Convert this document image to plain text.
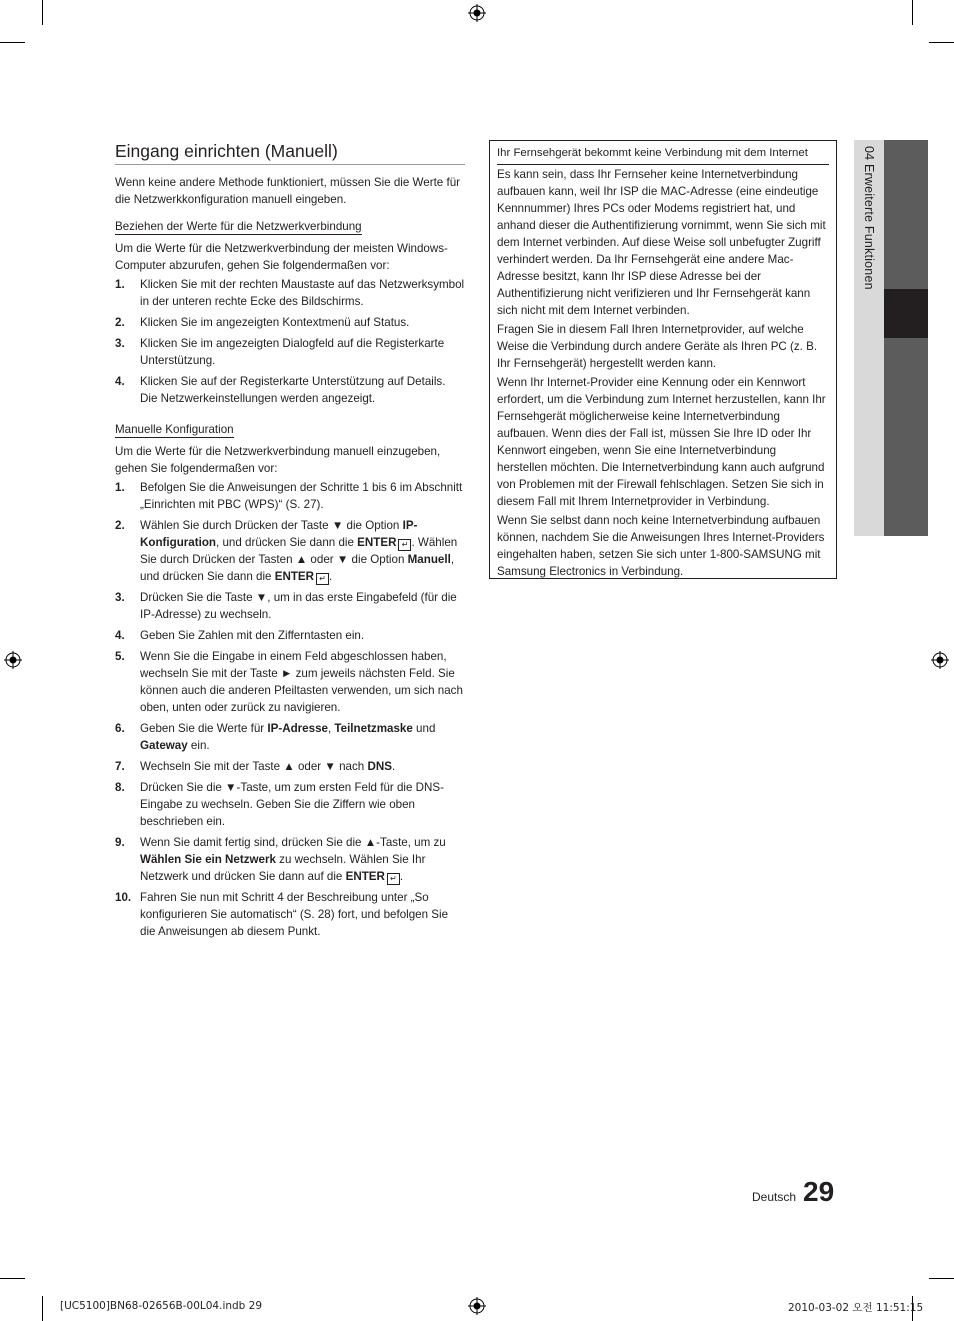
Eingang einrichten (Manuell)
Wenn keine andere Methode funktioniert, müssen Sie die Werte für die Netzwerkkonfiguration manuell eingeben.
Beziehen der Werte für die Netzwerkverbindung
Um die Werte für die Netzwerkverbindung der meisten Windows-Computer abzurufen, gehen Sie folgendermaßen vor:
1.	Klicken Sie mit der rechten Maustaste auf das Netzwerksymbol in der unteren rechte Ecke des Bildschirms.
2.	Klicken Sie im angezeigten Kontextmenü auf Status.
3.	Klicken Sie im angezeigten Dialogfeld auf die Registerkarte Unterstützung.
4.	Klicken Sie auf der Registerkarte Unterstützung auf Details. Die Netzwerkeinstellungen werden angezeigt.
Manuelle Konfiguration
Um die Werte für die Netzwerkverbindung manuell einzugeben, gehen Sie folgendermaßen vor:
1.	Befolgen Sie die Anweisungen der Schritte 1 bis 6 im Abschnitt „Einrichten mit PBC (WPS)“ (S. 27).
2.	Wählen Sie durch Drücken der Taste ▼ die Option IP-Konfiguration, und drücken Sie dann die ENTER ↵ . Wählen Sie durch Drücken der Tasten ▲ oder ▼ die Option Manuell, und drücken Sie dann die ENTER ↵ .
3.	Drücken Sie die Taste ▼, um in das erste Eingabefeld (für die IP-Adresse) zu wechseln.
4.	Geben Sie Zahlen mit den Zifferntasten ein.
5.	Wenn Sie die Eingabe in einem Feld abgeschlossen haben, wechseln Sie mit der Taste ► zum jeweils nächsten Feld. Sie können auch die anderen Pfeiltasten verwenden, um sich nach oben, unten oder zurück zu navigieren.
6.	Geben Sie die Werte für IP-Adresse, Teilnetzmaske und Gateway ein.
7.	Wechseln Sie mit der Taste ▲ oder ▼ nach DNS.
8.	Drücken Sie die ▼-Taste, um zum ersten Feld für die DNS-Eingabe zu wechseln. Geben Sie die Ziffern wie oben beschrieben ein.
9.	Wenn Sie damit fertig sind, drücken Sie die ▲-Taste, um zu Wählen Sie ein Netzwerk zu wechseln. Wählen Sie Ihr Netzwerk und drücken Sie dann auf die ENTER ↵ .
10. Fahren Sie nun mit Schritt 4 der Beschreibung unter „So konfigurieren Sie automatisch“ (S. 28) fort, und befolgen Sie die Anweisungen ab diesem Punkt.
Ihr Fernsehgerät bekommt keine Verbindung mit dem Internet

Es kann sein, dass Ihr Fernseher keine Internetverbindung aufbauen kann, weil Ihr ISP die MAC-Adresse (eine eindeutige Kennnummer) Ihres PCs oder Modems registriert hat, und anhand dieser die Authentifizierung vornimmt, wenn Sie sich mit dem Internet verbinden. Auf diese Weise soll unbefugter Zugriff verhindert werden. Da Ihr Fernsehgerät eine andere Mac-Adresse besitzt, kann Ihr ISP diese Adresse bei der Authentifizierung nicht verifizieren und Ihr Fernsehgerät kann sich nicht mit dem Internet verbinden.

Fragen Sie in diesem Fall Ihren Internetprovider, auf welche Weise die Verbindung durch andere Geräte als Ihren PC (z. B. Ihr Fernsehgerät) hergestellt werden kann.

Wenn Ihr Internet-Provider eine Kennung oder ein Kennwort erfordert, um die Verbindung zum Internet herzustellen, kann Ihr Fernsehgerät möglicherweise keine Internetverbindung aufbauen. Wenn dies der Fall ist, müssen Sie Ihre ID oder Ihr Kennwort eingeben, wenn Sie eine Internetverbindung herstellen möchten. Die Internetverbindung kann auch aufgrund von Problemen mit der Firewall fehlschlagen. Setzen Sie sich in diesem Fall mit Ihrem Internetprovider in Verbindung.

Wenn Sie selbst dann noch keine Internetverbindung aufbauen können, nachdem Sie die Anweisungen Ihres Internet-Providers eingehalten haben, setzen Sie sich unter 1-800-SAMSUNG mit Samsung Electronics in Verbindung.

04 Erweiterte Funktionen
Deutsch 29
[UC5100]BN68-02656B-00L04.indb 29	2010-03-02 오전 11:51:15
